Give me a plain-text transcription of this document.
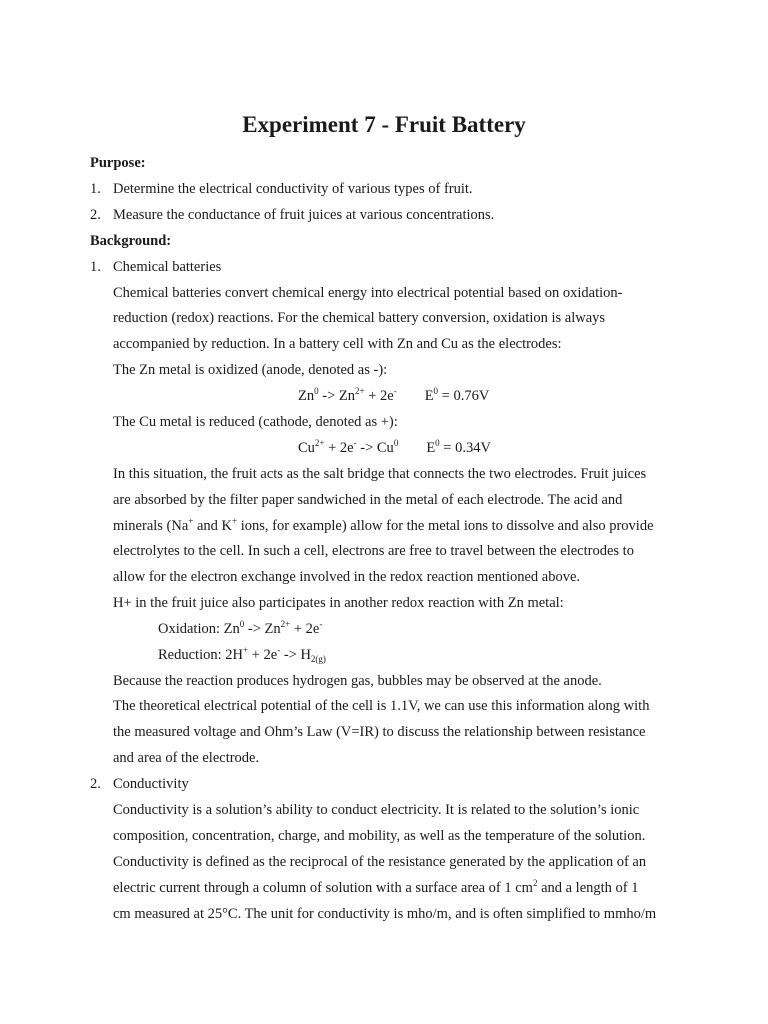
Experiment 7 - Fruit Battery
Purpose:
1. Determine the electrical conductivity of various types of fruit.
2. Measure the conductance of fruit juices at various concentrations.
Background:
1. Chemical batteries
Chemical batteries convert chemical energy into electrical potential based on oxidation-
reduction (redox) reactions. For the chemical battery conversion, oxidation is always
accompanied by reduction. In a battery cell with Zn and Cu as the electrodes:
The Zn metal is oxidized (anode, denoted as -):
$Zn^0 -> Zn^{2+} + 2e^-$ $E^0 = 0.76V$
The Cu metal is reduced (cathode, denoted as +):
$Cu^{2+} + 2e^- -> Cu^0$ $E^0 = 0.34V$
In this situation, the fruit acts as the salt bridge that connects the two electrodes. Fruit juices
are absorbed by the filter paper sandwiched in the metal of each electrode. The acid and
minerals (Na+ and K+ ions, for example) allow for the metal ions to dissolve and also provide
electrolytes to the cell. In such a cell, electrons are free to travel between the electrodes to
allow for the electron exchange involved in the redox reaction mentioned above.
H+ in the fruit juice also participates in another redox reaction with Zn metal:
Oxidation: $Zn^0 -> Zn^{2+} + 2e^-$
Reduction: $2H^+ + 2e^- -> H_{2(g)}$
Because the reaction produces hydrogen gas, bubbles may be observed at the anode.
The theoretical electrical potential of the cell is 1.1V, we can use this information along with
the measured voltage and Ohm’s Law (V=IR) to discuss the relationship between resistance
and area of the electrode.
2. Conductivity
Conductivity is a solution’s ability to conduct electricity. It is related to the solution’s ionic
composition, concentration, charge, and mobility, as well as the temperature of the solution.
Conductivity is defined as the reciprocal of the resistance generated by the application of an
electric current through a column of solution with a surface area of 1 $cm^2$ and a length of 1
cm measured at 25°C. The unit for conductivity is mho/m, and is often simplified to mmho/m
